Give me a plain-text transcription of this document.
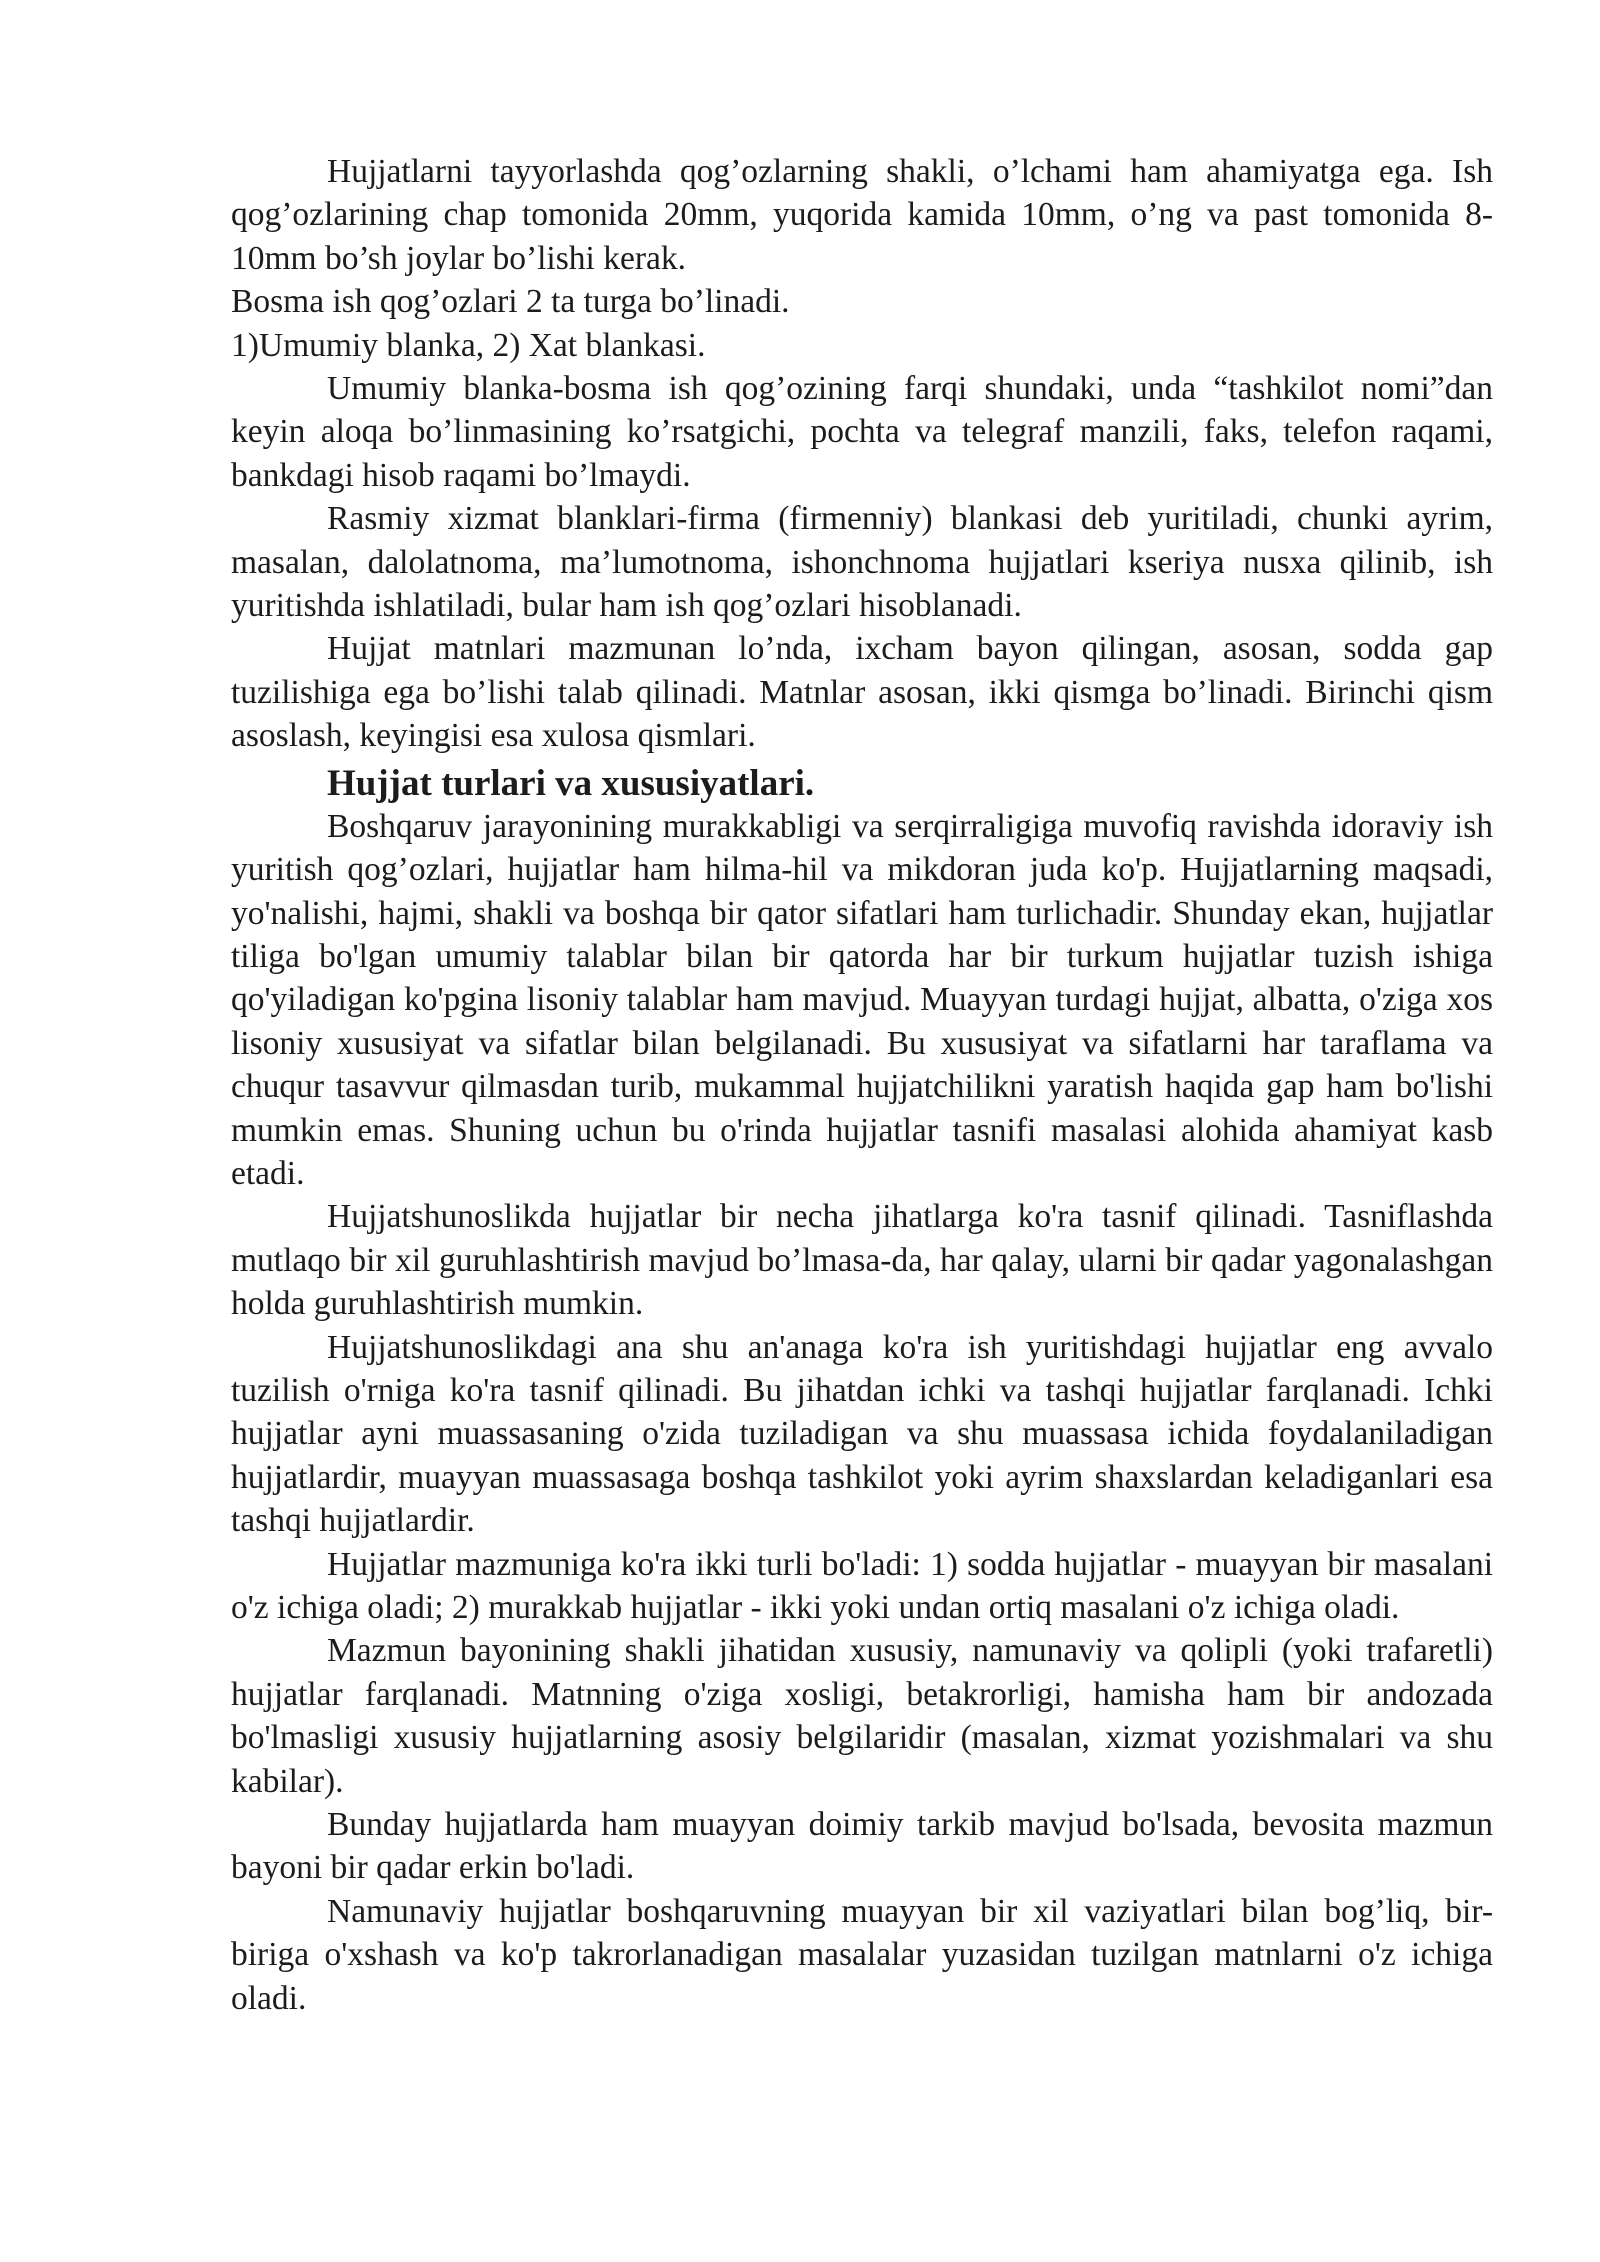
Hujjatlarni tayyorlashda qog’ozlarning shakli, o’lchami ham ahamiyatga ega. Ish qog’ozlarining chap tomonida 20mm, yuqorida kamida 10mm, o’ng va past tomonida 8-10mm bo’sh joylar bo’lishi kerak.

Bosma ish qog’ozlari 2 ta turga bo’linadi.

1)Umumiy blanka, 2) Xat blankasi.

Umumiy blanka-bosma ish qog’ozining farqi shundaki, unda “tashkilot nomi”dan keyin aloqa bo’linmasining ko’rsatgichi, pochta va telegraf manzili, faks, telefon raqami, bankdagi hisob raqami bo’lmaydi.

Rasmiy xizmat blanklari-firma (firmenniy) blankasi deb yuritiladi, chunki ayrim, masalan, dalolatnoma, ma’lumotnoma, ishonchnoma hujjatlari kseriya nusxa qilinib, ish yuritishda ishlatiladi, bular ham ish qog’ozlari hisoblanadi.

Hujjat matnlari mazmunan lo’nda, ixcham bayon qilingan, asosan, sodda gap tuzilishiga ega bo’lishi talab qilinadi. Matnlar asosan, ikki qismga bo’linadi. Birinchi qism asoslash, keyingisi esa xulosa qismlari.

Hujjat turlari va xususiyatlari.

Boshqaruv jarayonining murakkabligi va serqirraligiga muvofiq ravishda idoraviy ish yuritish qog’ozlari, hujjatlar ham hilma-hil va mikdoran juda ko'p. Hujjatlarning maqsadi, yo'nalishi, hajmi, shakli va boshqa bir qator sifatlari ham turlichadir. Shunday ekan, hujjatlar tiliga bo'lgan umumiy talablar bilan bir qatorda har bir turkum hujjatlar tuzish ishiga qo'yiladigan ko'pgina lisoniy talablar ham mavjud. Muayyan turdagi hujjat, albatta, o'ziga xos lisoniy xususiyat va sifatlar bilan belgilanadi. Bu xususiyat va sifatlarni har taraflama va chuqur tasavvur qilmasdan turib, mukammal hujjatchilikni yaratish haqida gap ham bo'lishi mumkin emas. Shuning uchun bu o'rinda hujjatlar tasnifi masalasi alohida ahamiyat kasb etadi.

Hujjatshunoslikda hujjatlar bir necha jihatlarga ko'ra tasnif qilinadi. Tasniflashda mutlaqo bir xil guruhlashtirish mavjud bo’lmasa-da, har qalay, ularni bir qadar yagonalashgan holda guruhlashtirish mumkin.

Hujjatshunoslikdagi ana shu an'anaga ko'ra ish yuritishdagi hujjatlar eng avvalo tuzilish o'rniga ko'ra tasnif qilinadi. Bu jihatdan ichki va tashqi hujjatlar farqlanadi. Ichki hujjatlar ayni muassasaning o'zida tuziladigan va shu muassasa ichida foydalaniladigan hujjatlardir, muayyan muassasaga boshqa tashkilot yoki ayrim shaxslardan keladiganlari esa tashqi hujjatlardir.

Hujjatlar mazmuniga ko'ra ikki turli bo'ladi: 1) sodda hujjatlar - muayyan bir masalani o'z ichiga oladi; 2) murakkab hujjatlar - ikki yoki undan ortiq masalani o'z ichiga oladi.

Mazmun bayonining shakli jihatidan xususiy, namunaviy va qolipli (yoki trafaretli) hujjatlar farqlanadi. Matnning o'ziga xosligi, betakrorligi, hamisha ham bir andozada bo'lmasligi xususiy hujjatlarning asosiy belgilaridir (masalan, xizmat yozishmalari va shu kabilar).

Bunday hujjatlarda ham muayyan doimiy tarkib mavjud bo'lsada, bevosita mazmun bayoni bir qadar erkin bo'ladi.

Namunaviy hujjatlar boshqaruvning muayyan bir xil vaziyatlari bilan bog’liq, bir- biriga o'xshash va ko'p takrorlanadigan masalalar yuzasidan tuzilgan matnlarni o'z ichiga oladi.
